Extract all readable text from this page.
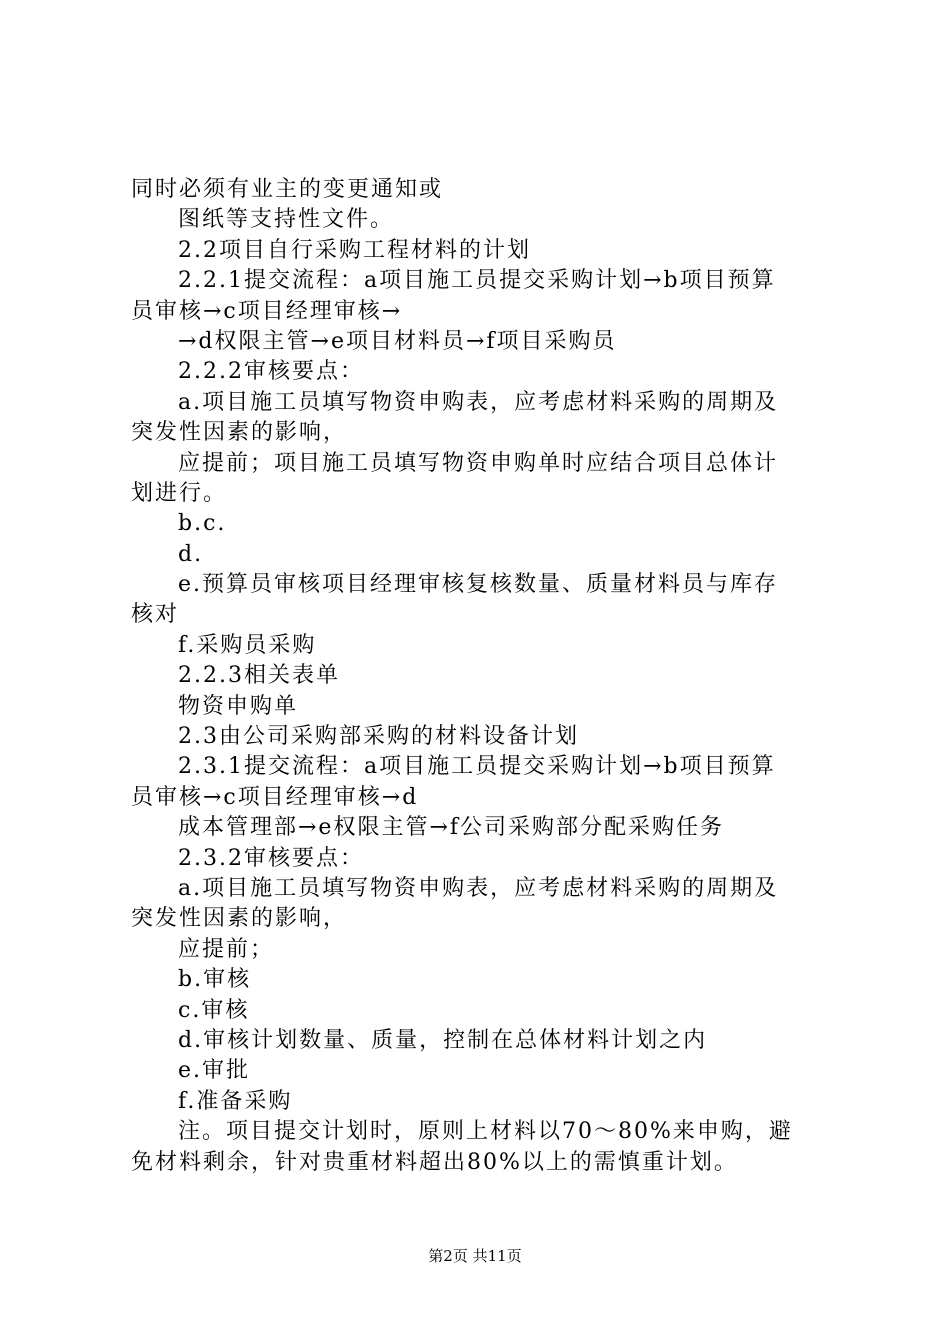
同时必须有业主的变更通知或
图纸等支持性文件。
2.2项目自行采购工程材料的计划
2.2.1提交流程：a项目施工员提交采购计划→b项目预算
员审核→c项目经理审核→
→d权限主管→e项目材料员→f项目采购员
2.2.2审核要点：
a.项目施工员填写物资申购表，应考虑材料采购的周期及
突发性因素的影响，
应提前；项目施工员填写物资申购单时应结合项目总体计
划进行。
b.c.
d.
e.预算员审核项目经理审核复核数量、质量材料员与库存
核对
f.采购员采购
2.2.3相关表单
物资申购单
2.3由公司采购部采购的材料设备计划
2.3.1提交流程：a项目施工员提交采购计划→b项目预算
员审核→c项目经理审核→d
成本管理部→e权限主管→f公司采购部分配采购任务
2.3.2审核要点：
a.项目施工员填写物资申购表，应考虑材料采购的周期及
突发性因素的影响，
应提前；
b.审核
c.审核
d.审核计划数量、质量，控制在总体材料计划之内
e.审批
f.准备采购
注。项目提交计划时，原则上材料以70～80%来申购，避
免材料剩余，针对贵重材料超出80%以上的需慎重计划。
第2页 共11页
